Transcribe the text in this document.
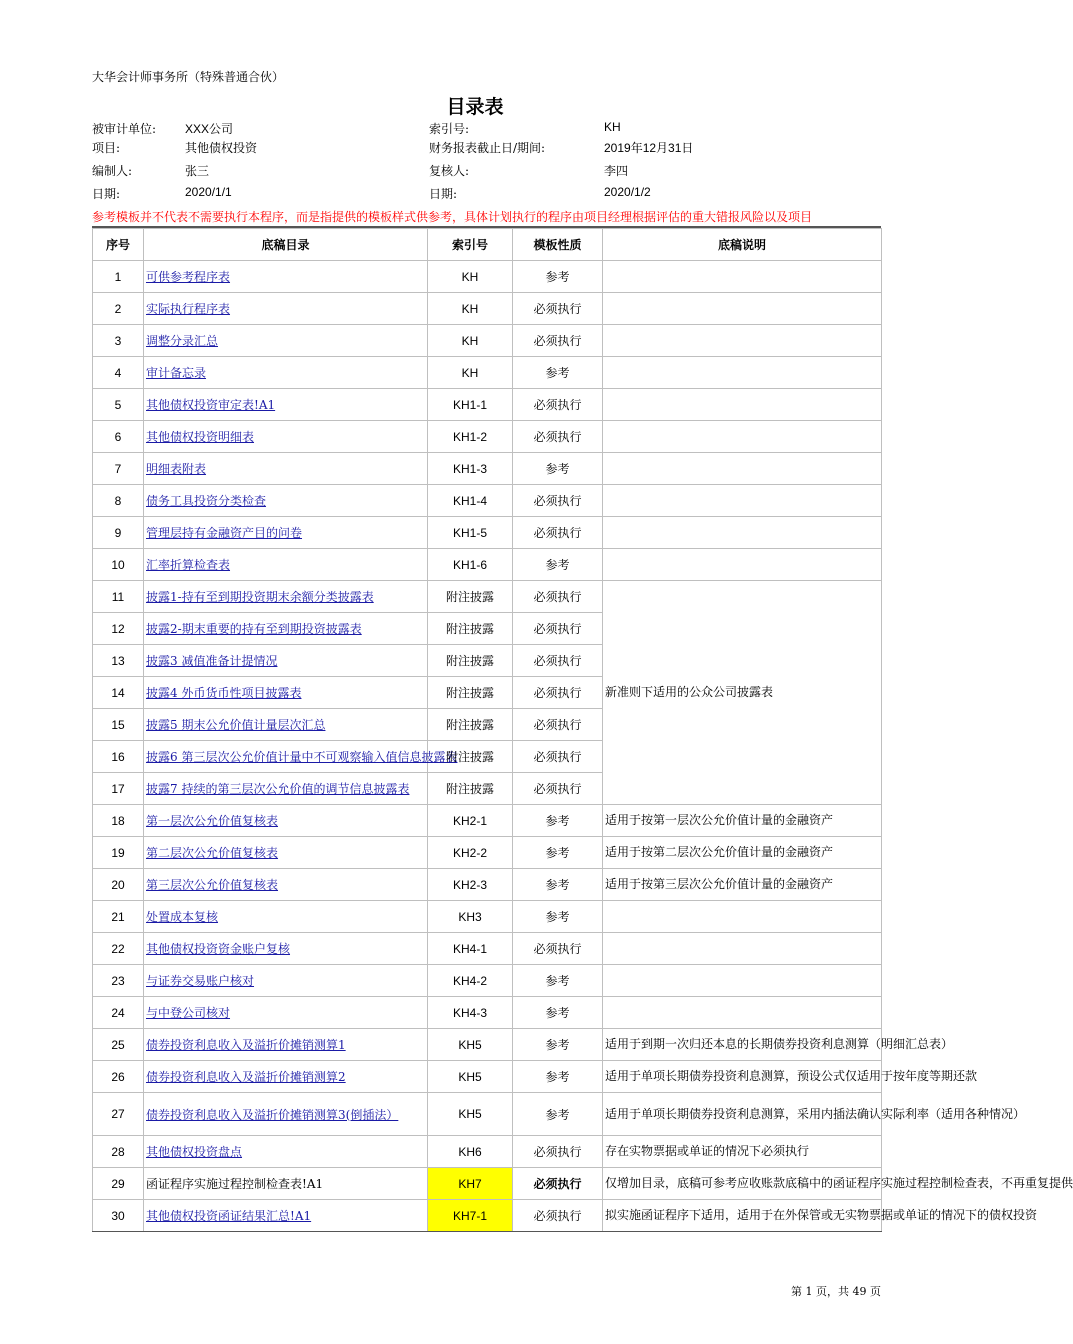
大华会计师事务所（特殊普通合伙）
目录表
被审计单位: XXX公司	索引号:	KH
项目:	其他债权投资	财务报表截止日/期间:	2019年12月31日
编制人:	张三	复核人:	李四
日期:	2020/1/1	日期:	2020/1/2
参考模板并不代表不需要执行本程序，而是指提供的模板样式供参考，具体计划执行的程序由项目经理根据评估的重大错报风险以及项目
序号	底稿目录	索引号	模板性质	底稿说明
1	可供参考程序表	KH	参考	
2	实际执行程序表	KH	必须执行	
3	调整分录汇总	KH	必须执行	
4	审计备忘录	KH	参考	
5	其他债权投资审定表!A1	KH1-1	必须执行	
6	其他债权投资明细表	KH1-2	必须执行	
7	明细表附表	KH1-3	参考	
8	债务工具投资分类检查	KH1-4	必须执行	
9	管理层持有金融资产目的问卷	KH1-5	必须执行	
10	汇率折算检查表	KH1-6	参考	
11	披露1-持有至到期投资期末余额分类披露表	附注披露	必须执行	新准则下适用的公众公司披露表
12	披露2-期末重要的持有至到期投资披露表	附注披露	必须执行	
13	披露3 减值准备计提情况	附注披露	必须执行	
14	披露4 外币货币性项目披露表	附注披露	必须执行	
15	披露5 期末公允价值计量层次汇总	附注披露	必须执行	
16	披露6 第三层次公允价值计量中不可观察输入值信息披露表	附注披露	必须执行	
17	披露7 持续的第三层次公允价值的调节信息披露表	附注披露	必须执行	
18	第一层次公允价值复核表	KH2-1	参考	适用于按第一层次公允价值计量的金融资产
19	第二层次公允价值复核表	KH2-2	参考	适用于按第二层次公允价值计量的金融资产
20	第三层次公允价值复核表	KH2-3	参考	适用于按第三层次公允价值计量的金融资产
21	处置成本复核	KH3	参考	
22	其他债权投资资金账户复核	KH4-1	必须执行	
23	与证券交易账户核对	KH4-2	参考	
24	与中登公司核对	KH4-3	参考	
25	债券投资利息收入及溢折价摊销测算1	KH5	参考	适用于到期一次归还本息的长期债券投资利息测算（明细汇总表）
26	债券投资利息收入及溢折价摊销测算2	KH5	参考	适用于单项长期债券投资利息测算，预设公式仅适用于按年度等期还款
27	债券投资利息收入及溢折价摊销测算3(倒插法）	KH5	参考	适用于单项长期债券投资利息测算，采用内插法确认实际利率（适用各种情况）
28	其他债权投资盘点	KH6	必须执行	存在实物票据或单证的情况下必须执行
29	函证程序实施过程控制检查表!A1	KH7	必须执行	仅增加目录，底稿可参考应收账款底稿中的函证程序实施过程控制检查表，不再重复提供
30	其他债权投资函证结果汇总!A1	KH7-1	必须执行	拟实施函证程序下适用，适用于在外保管或无实物票据或单证的情况下的债权投资
第 1 页，共 49 页
